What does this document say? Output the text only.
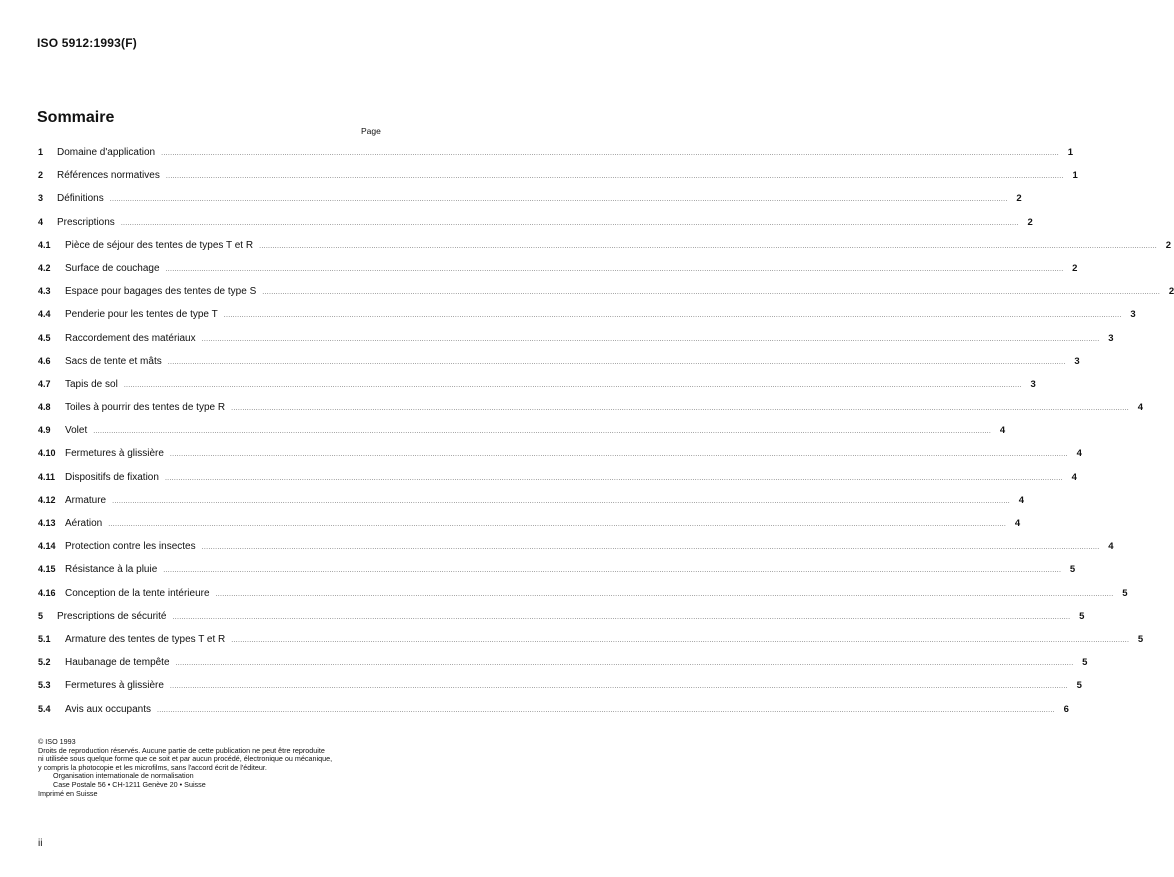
ISO 5912:1993(F)
Sommaire
Page
1	Domaine d'application ................................................................................................................................................................................................................................................................................................................................................................................................................ 1
2	Références normatives ................................................................................................................................................................................................................................................................................................................................................................................................................ 1
3	Définitions ................................................................................................................................................................................................................................................................................................................................................................................................................ 2
4	Prescriptions ................................................................................................................................................................................................................................................................................................................................................................................................................ 2
4.1	Pièce de séjour des tentes de types T et R ................................................................................................................................................................................................................................................................................................................................................................................................................ 2
4.2	Surface de couchage ................................................................................................................................................................................................................................................................................................................................................................................................................ 2
4.3	Espace pour bagages des tentes de type S ................................................................................................................................................................................................................................................................................................................................................................................................................ 2
4.4	Penderie pour les tentes de type T ................................................................................................................................................................................................................................................................................................................................................................................................................ 3
4.5	Raccordement des matériaux ................................................................................................................................................................................................................................................................................................................................................................................................................ 3
4.6	Sacs de tente et mâts ................................................................................................................................................................................................................................................................................................................................................................................................................ 3
4.7	Tapis de sol ................................................................................................................................................................................................................................................................................................................................................................................................................ 3
4.8	Toiles à pourrir des tentes de type R ................................................................................................................................................................................................................................................................................................................................................................................................................ 4
4.9	Volet ................................................................................................................................................................................................................................................................................................................................................................................................................ 4
4.10 Fermetures à glissière ................................................................................................................................................................................................................................................................................................................................................................................................................ 4
4.11 Dispositifs de fixation ................................................................................................................................................................................................................................................................................................................................................................................................................ 4
4.12 Armature ................................................................................................................................................................................................................................................................................................................................................................................................................ 4
4.13 Aération ................................................................................................................................................................................................................................................................................................................................................................................................................ 4
4.14 Protection contre les insectes ................................................................................................................................................................................................................................................................................................................................................................................................................ 4
4.15 Résistance à la pluie ................................................................................................................................................................................................................................................................................................................................................................................................................ 5
4.16 Conception de la tente intérieure ................................................................................................................................................................................................................................................................................................................................................................................................................ 5
5	Prescriptions de sécurité ................................................................................................................................................................................................................................................................................................................................................................................................................ 5
5.1	Armature des tentes de types T et R ................................................................................................................................................................................................................................................................................................................................................................................................................ 5
5.2	Haubanage de tempête ................................................................................................................................................................................................................................................................................................................................................................................................................ 5
5.3	Fermetures à glissière ................................................................................................................................................................................................................................................................................................................................................................................................................ 5
5.4	Avis aux occupants ................................................................................................................................................................................................................................................................................................................................................................................................................ 6

© ISO 1993

Droits de reproduction réservés. Aucune partie de cette publication ne peut être reproduite

ni utilisée sous quelque forme que ce soit et par aucun procédé, électronique ou mécanique,

y compris la photocopie et les microfilms, sans l'accord écrit de l'éditeur.

Organisation internationale de normalisation

Case Postale 56 • CH-1211 Genève 20 • Suisse

Imprimé en Suisse

ii
